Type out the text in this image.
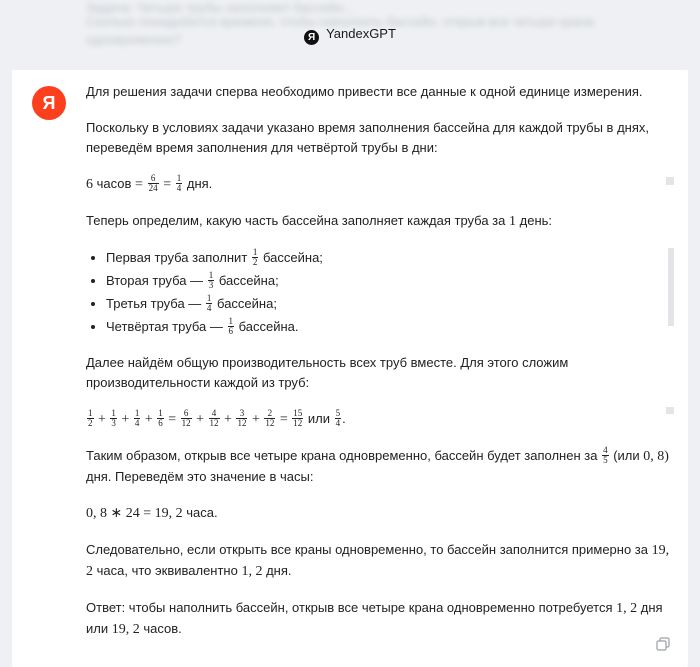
Задача: Четыре трубы заполняют бассейн...
Сколько понадобится времени, чтобы наполнить бассейн, открыв все четыре крана
одновременно?	Я YandexGPT
Я

Для решения задачи сперва необходимо привести все данные к одной единице измерения.

Поскольку в условиях задачи указано время заполнения бассейна для каждой трубы в днях, переведём время заполнения для четвёртой трубы в дни:

6 часов = $\frac{6}{24} = \frac{1}{4}$ дня.

Теперь определим, какую часть бассейна заполняет каждая труба за 1 день:

• Первая труба заполнит $\frac{1}{2}$ бассейна;
• Вторая труба — $\frac{1}{3}$ бассейна;
• Третья труба — $\frac{1}{4}$ бассейна;
• Четвёртая труба — $\frac{1}{6}$ бассейна.

Далее найдём общую производительность всех труб вместе. Для этого сложим производительности каждой из труб:

$\frac{1}{2} + \frac{1}{3} + \frac{1}{4} + \frac{1}{6} = \frac{6}{12} + \frac{4}{12} + \frac{3}{12} + \frac{2}{12} = \frac{15}{12}$ или $\frac{5}{4}$ .

Таким образом, открыв все четыре крана одновременно, бассейн будет заполнен за $\frac{4}{5} (или$ 0, 8) дня. Переведём это значение в часы:

0, 8 ∗ 24 = 19, 2 часа.

Следовательно, если открыть все краны одновременно, то бассейн заполнится примерно за 19, 2 часа, что эквивалентно 1, 2 дня.

Ответ: чтобы наполнить бассейн, открыв все четыре крана одновременно потребуется 1, 2 дня или 19, 2 часов.
